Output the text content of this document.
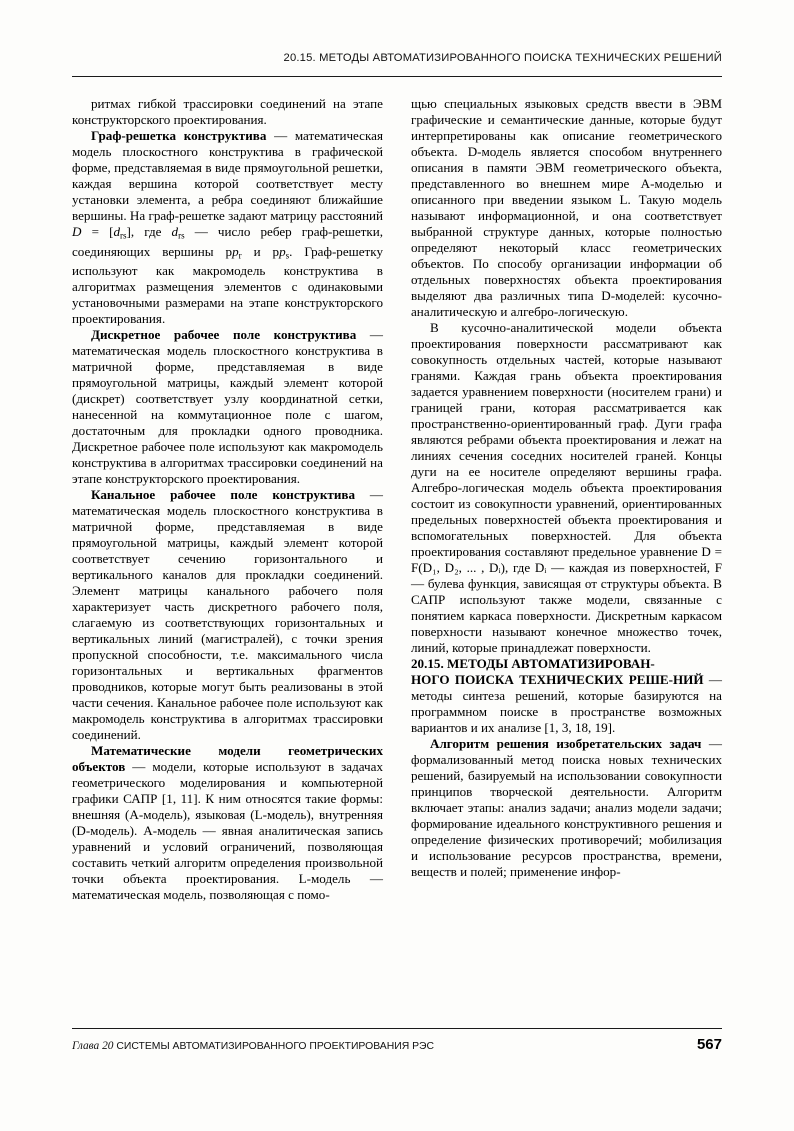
20.15. МЕТОДЫ АВТОМАТИЗИРОВАННОГО ПОИСКА ТЕХНИЧЕСКИХ РЕШЕНИЙ

ритмах гибкой трассировки соединений на этапе конструкторского проектирования.

Граф-решетка конструктива — математическая модель плоскостного конструктива в графической форме, представляемая в виде прямоугольной решетки, каждая вершина которой соответствует месту установки элемента, а ребра соединяют ближайшие вершины. На граф-решетке задают матрицу расстояний $D = [d_{rs}]$, где $d_{rs}$ — число ребер граф-решетки, соединяющих вершины $pp_r$ и $pp_s$. Граф-решетку используют как макромодель конструктива в алгоритмах размещения элементов с одинаковыми установочными размерами на этапе конструкторского проектирования.

Дискретное рабочее поле конструктива — математическая модель плоскостного конструктива в матричной форме, представляемая в виде прямоугольной матрицы, каждый элемент которой (дискрет) соответствует узлу координатной сетки, нанесенной на коммутационное поле с шагом, достаточным для прокладки одного проводника. Дискретное рабочее поле используют как макромодель конструктива в алгоритмах трассировки соединений на этапе конструкторского проектирования.

Канальное рабочее поле конструктива — математическая модель плоскостного конструктива в матричной форме, представляемая в виде прямоугольной матрицы, каждый элемент которой соответствует сечению горизонтального и вертикального каналов для прокладки соединений. Элемент матрицы канального рабочего поля характеризует часть дискретного рабочего поля, слагаемую из соответствующих горизонтальных и вертикальных линий (магистралей), с точки зрения пропускной способности, т.е. максимального числа горизонтальных и вертикальных фрагментов проводников, которые могут быть реализованы в этой части сечения. Канальное рабочее поле используют как макромодель конструктива в алгоритмах трассировки соединений.

Математические модели геометрических объектов — модели, которые используют в задачах геометрического моделирования и компьютерной графики САПР [1, 11]. К ним относятся такие формы: внешняя (A-модель), языковая (L-модель), внутренняя (D-модель). A-модель — явная аналитическая запись уравнений и условий ограничений, позволяющая составить четкий алгоритм определения произвольной точки объекта проектирования. L-модель — математическая модель, позволяющая с помо-

щью специальных языковых средств ввести в ЭВМ графические и семантические данные, которые будут интерпретированы как описание геометрического объекта. D-модель является способом внутреннего описания в памяти ЭВМ геометрического объекта, представленного во внешнем мире A-моделью и описанного при введении языком L. Такую модель называют информационной, и она соответствует выбранной структуре данных, которые полностью определяют некоторый класс геометрических объектов. По способу организации информации об отдельных поверхностях объекта проектирования выделяют два различных типа D-моделей: кусочно-аналитическую и алгебро-логическую.

В кусочно-аналитической модели объекта проектирования поверхности рассматривают как совокупность отдельных частей, которые называют гранями. Каждая грань объекта проектирования задается уравнением поверхности (носителем грани) и границей грани, которая рассматривается как пространственно-ориентированный граф. Дуги графа являются ребрами объекта проектирования и лежат на линиях сечения соседних носителей граней. Концы дуги на ее носителе определяют вершины графа. Алгебро-логическая модель объекта проектирования состоит из совокупности уравнений, ориентированных предельных поверхностей объекта проектирования и вспомогательных поверхностей. Для объекта проектирования составляют предельное уравнение D = F(D₁, D₂, ... , Dᵢ), где Dᵢ — каждая из поверхностей, F — булева функция, зависящая от структуры объекта. В САПР используют также модели, связанные с понятием каркаса поверхности. Дискретным каркасом поверхности называют конечное множество точек, линий, которые принадлежат поверхности.

20.15. МЕТОДЫ АВТОМАТИЗИРОВАН-
НОГО ПОИСКА ТЕХНИЧЕСКИХ РЕШЕ-НИЙ — методы синтеза решений, которые базируются на программном поиске в пространстве возможных вариантов и их анализе [1, 3, 18, 19].

Алгоритм решения изобретательских задач — формализованный метод поиска новых технических решений, базируемый на использовании совокупности принципов творческой деятельности. Алгоритм включает этапы: анализ задачи; анализ модели задачи; формирование идеального конструктивного решения и определение физических противоречий; мобилизация и использование ресурсов пространства, времени, веществ и полей; применение инфор-

Глава 20 СИСТЕМЫ АВТОМАТИЗИРОВАННОГО ПРОЕКТИРОВАНИЯ РЭС	567
